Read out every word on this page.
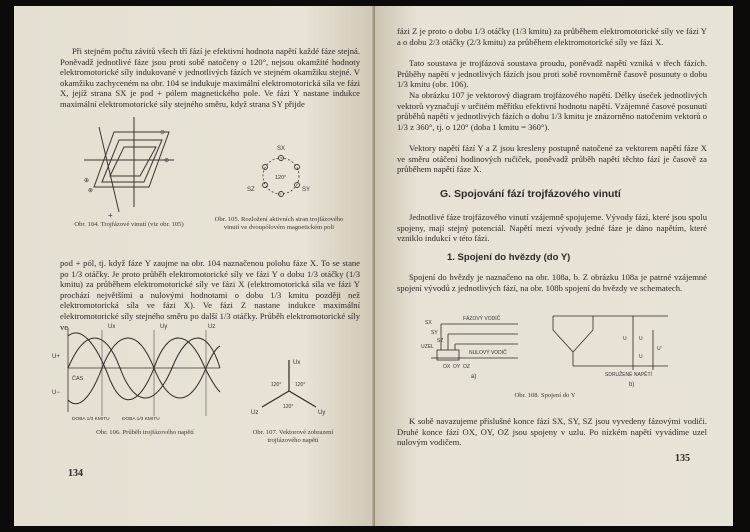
Při stejném počtu závitů všech tří fází je efektivní hodnota napětí každé fáze stejná. Poněvadž jednotlivé fáze jsou proti sobě natočeny o 120°, nejsou okamžité hodnoty elektromotorické síly indukované v jednotlivých fázích ve stejném okamžiku stejné. V okamžiku zachyceném na obr. 104 se indukuje maximální elektromotorická síla ve fázi X, jejíž strana SX je pod + pólem magnetického pole. Ve fázi Y nastane indukce maximální elektromotorické síly stejného směru, když strana SY přijde

⊗
⊕
⊙
⊕
+
Obr. 104. Trojfázové vinutí (viz obr. 105)
SX
SY
SZ
120°
Obr. 105. Rozložení aktivních stran trojfázového vinutí ve dvoupólovém magnetickém poli

pod + pól, tj. když fáze Y zaujme na obr. 104 naznačenou polohu fáze X. To se stane po 1/3 otáčky. Je proto průběh elektromotorické síly ve fázi Y o dobu 1/3 otáčky (1/3 kmitu) za průběhem elektromotorické síly ve fázi X (elektromotorická síla ve fázi Y prochází největšími a nulovými hodnotami o dobu 1/3 kmitu později než elektromotorická síla ve fázi X). Ve fázi Z nastane indukce maximální elektromotorické síly stejného směru po další 1/3 otáčky. Průběh elektromotorické síly ve

U+
U−
Ux	Uy	Uz
ČAS
DOBA 1/3 KMITU	DOBA 1/3 KMITU
Obr. 106. Průběh trojfázového napětí
Ux
Uy
Uz
120°
120°
120°
Obr. 107. Vektorové zobrazení trojfázového napětí
134

fázi Z je proto o dobu 1/3 otáčky (1/3 kmitu) za průběhem elektromotorické síly ve fázi Y a o dobu 2/3 otáčky (2/3 kmitu) za průběhem elektromotorické síly ve fázi X.

Tato soustava je trojfázová soustava proudu, poněvadž napětí vzniká v třech fázích. Průběhy napětí v jednotlivých fázích jsou proti sobě rovnoměrně časově posunuty o dobu 1/3 kmitu (obr. 106).

Na obrázku 107 je vektorový diagram trojfázového napětí. Délky úseček jednotlivých vektorů vyznačují v určitém měřítku efektivní hodnotu napětí. Vzájemné časové posunutí průběhů napětí v jednotlivých fázích o dobu 1/3 kmitu je znázorněno natočením vektorů o 1/3 z 360°, tj. o 120° (doba 1 kmitu = 360°).

Vektory napětí fází Y a Z jsou kresleny postupně natočené za vektorem napětí fáze X ve směru otáčení hodinových ručiček, poněvadž průběh napětí těchto fází je časově za průběhem napětí fáze X.

G. Spojování fází trojfázového vinutí

Jednotlivé fáze trojfázového vinutí vzájemně spojujeme. Vývody fází, které jsou spolu spojeny, mají stejný potenciál. Napětí mezi vývody jedné fáze je dáno napětím, které vzniklo indukcí v této fázi.

1. Spojení do hvězdy (do Y)

Spojení do hvězdy je naznačeno na obr. 108a, b. Z obrázku 108a je patrné vzájemné spojení vývodů z jednotlivých fází, na obr. 108b spojení do hvězdy ve schematech.

FÁZOVÝ VODIČ
NULOVÝ VODIČ
UZEL
SX
SY
SZ
OX OY OZ
a)
U U
U
U'
SDRUŽENÉ NAPĚTÍ
b)
Obr. 108. Spojení do Y

K sobě navazujeme příslušné konce fází SX, SY, SZ jsou vyvedeny fázovými vodiči. Druhé konce fází OX, OY, OZ jsou spojeny v uzlu. Po nízkém napětí vyvádíme uzel nulovým vodičem.

135
